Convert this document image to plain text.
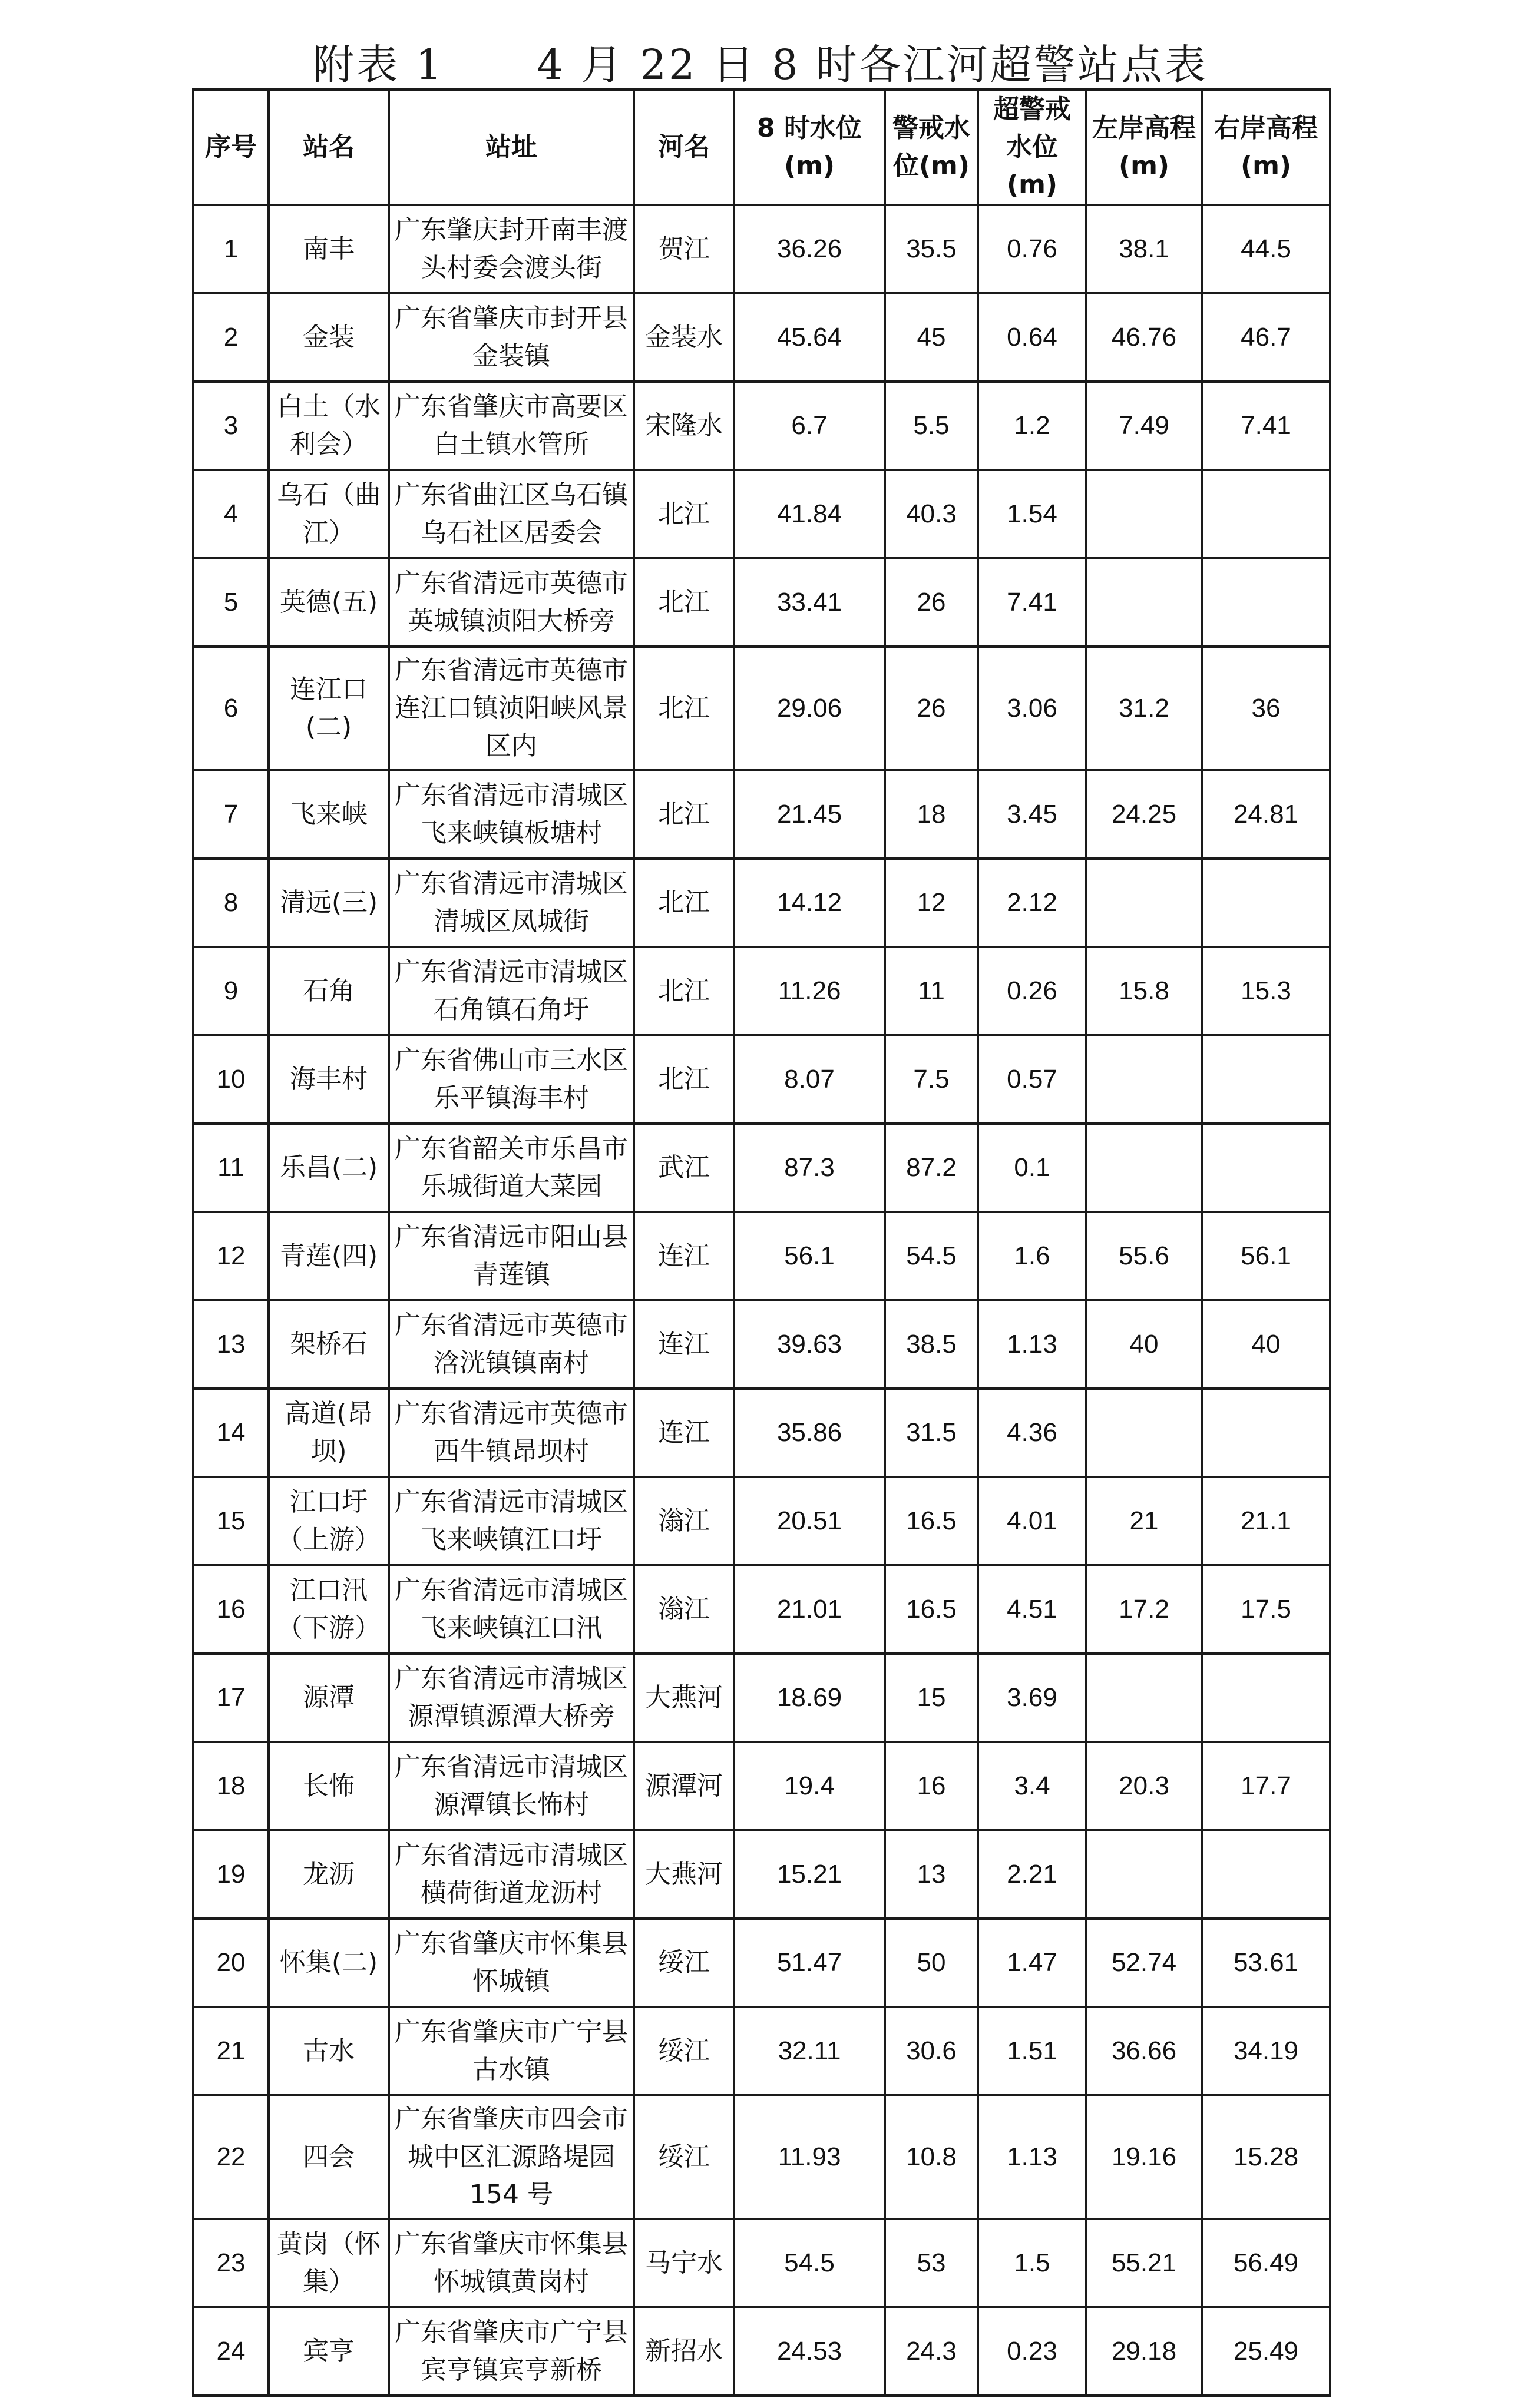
附表 1      4 月 22 日 8 时各江河超警站点表
序号	站名	站址	河名	8 时水位(m)	警戒水位(m)	超警戒水位(m)	左岸高程(m)	右岸高程(m)
1	南丰	广东肇庆封开南丰渡头村委会渡头街	贺江	36.26	35.5	0.76	38.1	44.5
2	金装	广东省肇庆市封开县金装镇	金装水	45.64	45	0.64	46.76	46.7
3	白土（水利会）	广东省肇庆市高要区白土镇水管所	宋隆水	6.7	5.5	1.2	7.49	7.41
4	乌石（曲江）	广东省曲江区乌石镇乌石社区居委会	北江	41.84	40.3	1.54		
5	英德(五)	广东省清远市英德市英城镇浈阳大桥旁	北江	33.41	26	7.41		
6	连江口(二)	广东省清远市英德市连江口镇浈阳峡风景区内	北江	29.06	26	3.06	31.2	36
7	飞来峡	广东省清远市清城区飞来峡镇板塘村	北江	21.45	18	3.45	24.25	24.81
8	清远(三)	广东省清远市清城区清城区凤城街	北江	14.12	12	2.12		
9	石角	广东省清远市清城区石角镇石角圩	北江	11.26	11	0.26	15.8	15.3
10	海丰村	广东省佛山市三水区乐平镇海丰村	北江	8.07	7.5	0.57		
11	乐昌(二)	广东省韶关市乐昌市乐城街道大菜园	武江	87.3	87.2	0.1		
12	青莲(四)	广东省清远市阳山县青莲镇	连江	56.1	54.5	1.6	55.6	56.1
13	架桥石	广东省清远市英德市浛洸镇镇南村	连江	39.63	38.5	1.13	40	40
14	高道(昂坝)	广东省清远市英德市西牛镇昂坝村	连江	35.86	31.5	4.36		
15	江口圩（上游）	广东省清远市清城区飞来峡镇江口圩	滃江	20.51	16.5	4.01	21	21.1
16	江口汛（下游）	广东省清远市清城区飞来峡镇江口汛	滃江	21.01	16.5	4.51	17.2	17.5
17	源潭	广东省清远市清城区源潭镇源潭大桥旁	大燕河	18.69	15	3.69		
18	长怖	广东省清远市清城区源潭镇长怖村	源潭河	19.4	16	3.4	20.3	17.7
19	龙沥	广东省清远市清城区横荷街道龙沥村	大燕河	15.21	13	2.21		
20	怀集(二)	广东省肇庆市怀集县怀城镇	绥江	51.47	50	1.47	52.74	53.61
21	古水	广东省肇庆市广宁县古水镇	绥江	32.11	30.6	1.51	36.66	34.19
22	四会	广东省肇庆市四会市城中区汇源路堤园154 号	绥江	11.93	10.8	1.13	19.16	15.28
23	黄岗（怀集）	广东省肇庆市怀集县怀城镇黄岗村	马宁水	54.5	53	1.5	55.21	56.49
24	宾亨	广东省肇庆市广宁县宾亨镇宾亨新桥	新招水	24.53	24.3	0.23	29.18	25.49
